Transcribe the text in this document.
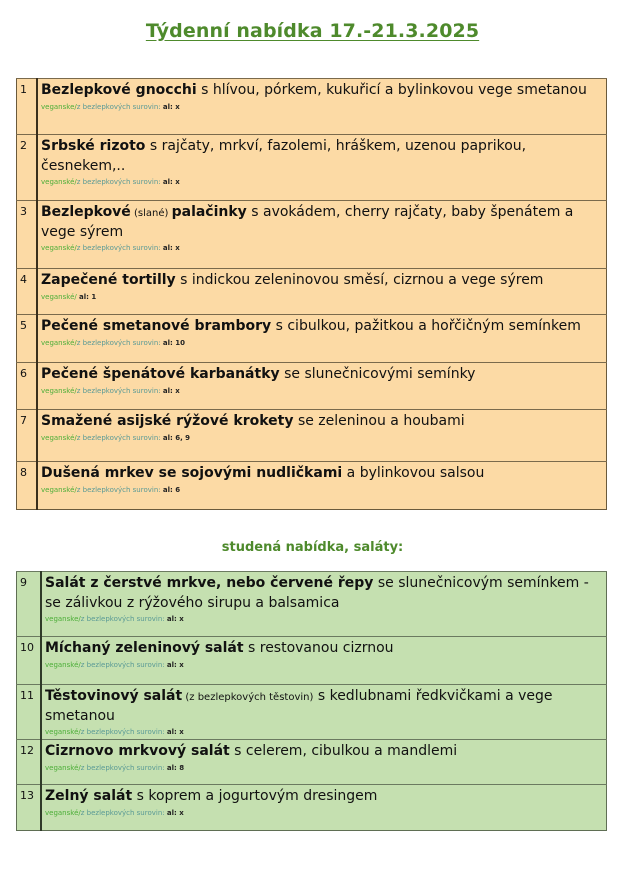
Týdenní nabídka 17.-21.3.2025
1	Bezlepkové gnocchi s hlívou, pórkem, kukuřicí a bylinkovou vege smetanou
veganske/z bezlepkových surovin: al: x

2	Srbské rizoto s rajčaty, mrkví, fazolemi, hráškem, uzenou paprikou, česnekem,..
veganské/z bezlepkových surovin: al: x

3	Bezlepkové (slané) palačinky s avokádem, cherry rajčaty, baby špenátem a vege sýrem
veganské/z bezlepkových surovin: al: x

4	Zapečené tortilly s indickou zeleninovou směsí, cizrnou a vege sýrem
veganské/ al: 1

5	Pečené smetanové brambory s cibulkou, pažitkou a hořčičným semínkem
veganské/z bezlepkových surovin: al: 10

6	Pečené špenátové karbanátky se slunečnicovými semínky
veganské/z bezlepkových surovin: al: x

7	Smažené asijské rýžové krokety se zeleninou a houbami
veganské/z bezlepkových surovin: al: 6, 9

8	Dušená mrkev se sojovými nudličkami a bylinkovou salsou
veganské/z bezlepkových surovin: al: 6
studená nabídka, saláty:
9	Salát z čerstvé mrkve, nebo červené řepy se slunečnicovým semínkem - se zálivkou z rýžového sirupu a balsamica
veganske/z bezlepkových surovin: al: x

10	Míchaný zeleninový salát s restovanou cizrnou
veganské/z bezlepkových surovin: al: x

11	Těstovinový salát (z bezlepkových těstovin) s kedlubnami ředkvičkami a vege smetanou
veganské/z bezlepkových surovin: al: x

12	Cizrnovo mrkvový salát s celerem, cibulkou a mandlemi
veganské/z bezlepkových surovin: al: 8

13	Zelný salát s koprem a jogurtovým dresingem
veganské/z bezlepkových surovin: al: x
